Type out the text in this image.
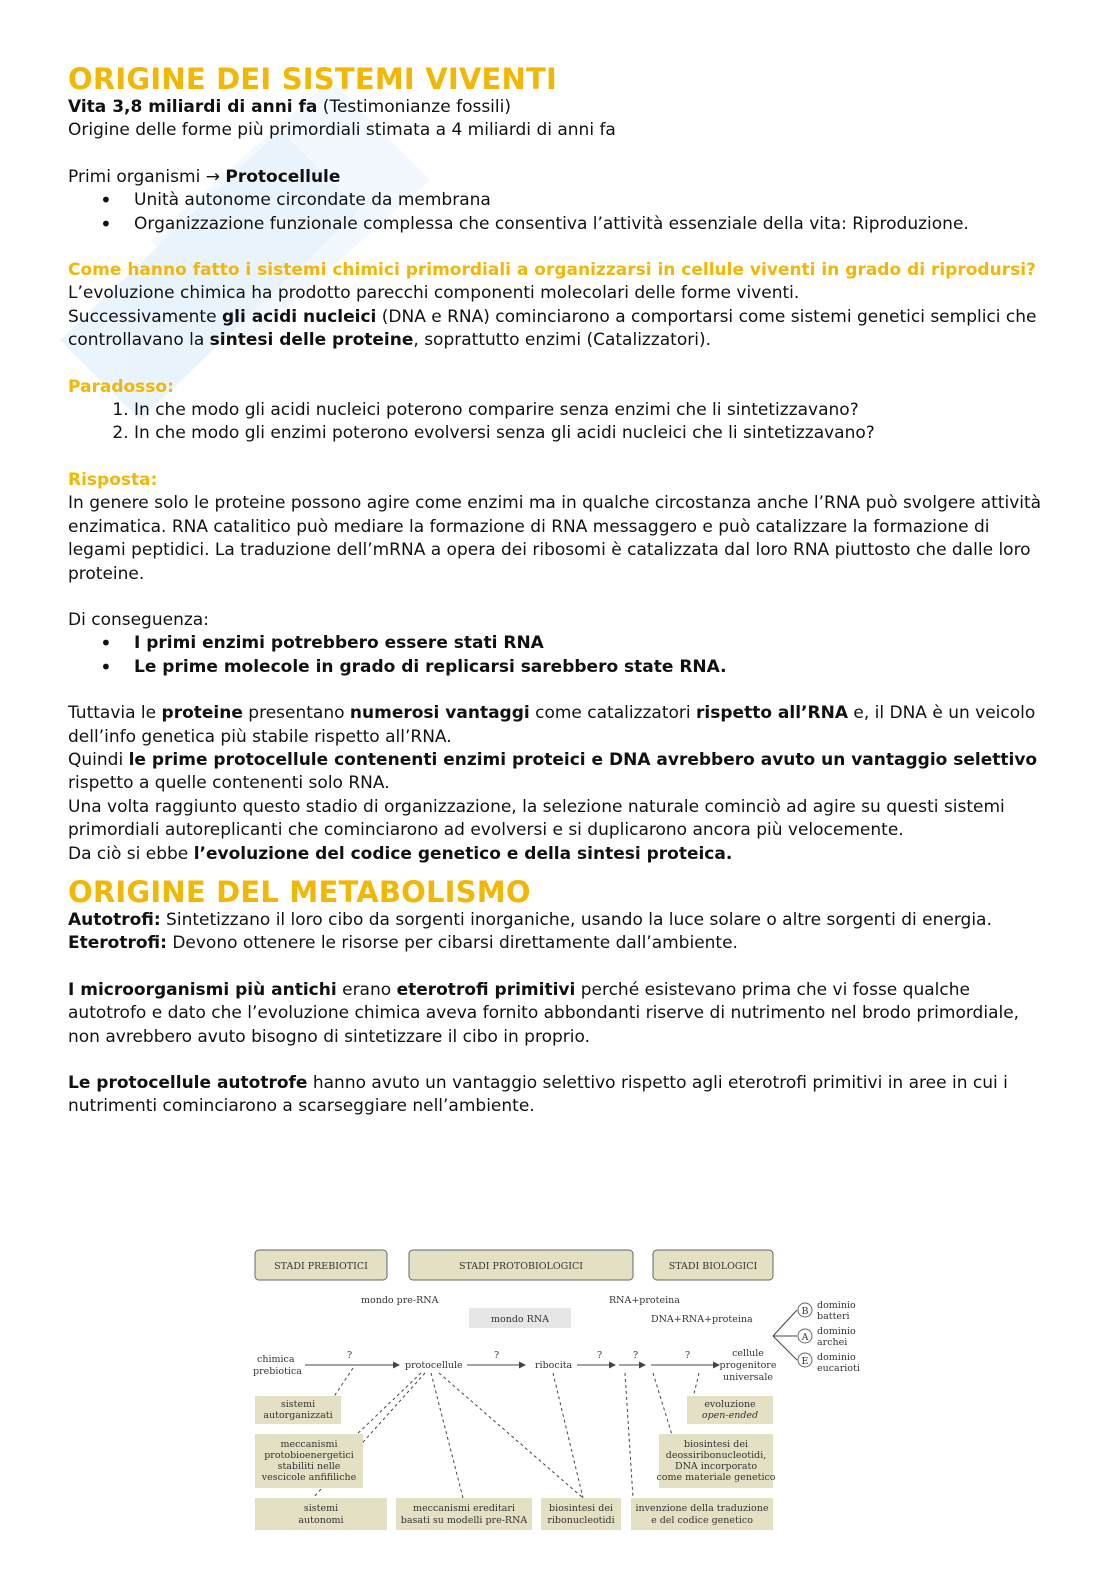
ORIGINE DEI SISTEMI VIVENTI

Vita 3,8 miliardi di anni fa (Testimonianze fossili)

Origine delle forme più primordiali stimata a 4 miliardi di anni fa

Primi organismi → Protocellule

• Unità autonome circondate da membrana
• Organizzazione funzionale complessa che consentiva l’attività essenziale della vita: Riproduzione.

Come hanno fatto i sistemi chimici primordiali a organizzarsi in cellule viventi in grado di riprodursi?

L’evoluzione chimica ha prodotto parecchi componenti molecolari delle forme viventi.

Successivamente gli acidi nucleici (DNA e RNA) cominciarono a comportarsi come sistemi genetici semplici che controllavano la sintesi delle proteine, soprattutto enzimi (Catalizzatori).

Paradosso:

1. In che modo gli acidi nucleici poterono comparire senza enzimi che li sintetizzavano?
2. In che modo gli enzimi poterono evolversi senza gli acidi nucleici che li sintetizzavano?

Risposta:

In genere solo le proteine possono agire come enzimi ma in qualche circostanza anche l’RNA può svolgere attività enzimatica. RNA catalitico può mediare la formazione di RNA messaggero e può catalizzare la formazione di legami peptidici. La traduzione dell’mRNA a opera dei ribosomi è catalizzata dal loro RNA piuttosto che dalle loro proteine.

Di conseguenza:

• I primi enzimi potrebbero essere stati RNA
• Le prime molecole in grado di replicarsi sarebbero state RNA.

Tuttavia le proteine presentano numerosi vantaggi come catalizzatori rispetto all’RNA e, il DNA è un veicolo dell’info genetica più stabile rispetto all’RNA.

Quindi le prime protocellule contenenti enzimi proteici e DNA avrebbero avuto un vantaggio selettivo rispetto a quelle contenenti solo RNA.

Una volta raggiunto questo stadio di organizzazione, la selezione naturale cominciò ad agire su questi sistemi primordiali autoreplicanti che cominciarono ad evolversi e si duplicarono ancora più velocemente.

Da ciò si ebbe l’evoluzione del codice genetico e della sintesi proteica.

ORIGINE DEL METABOLISMO

Autotrofi: Sintetizzano il loro cibo da sorgenti inorganiche, usando la luce solare o altre sorgenti di energia.

Eterotrofi: Devono ottenere le risorse per cibarsi direttamente dall’ambiente.

I microorganismi più antichi erano eterotrofi primitivi perché esistevano prima che vi fosse qualche autotrofo e dato che l’evoluzione chimica aveva fornito abbondanti riserve di nutrimento nel brodo primordiale, non avrebbero avuto bisogno di sintetizzare il cibo in proprio.

Le protocellule autotrofe hanno avuto un vantaggio selettivo rispetto agli eterotrofi primitivi in aree in cui i nutrimenti cominciarono a scarseggiare nell’ambiente.

STADI PREBIOTICI	STADI PROTOBIOLOGICI	STADI BIOLOGICI
mondo pre-RNA
mondo RNA
RNA+proteina
DNA+RNA+proteina
chimica
prebiotica
?
protocellule
?
ribocita
?	?	?	cellule
progenitore
universale
B
A
E
dominio
batteri
dominio
archei
dominio
eucarioti
sistemi
autorganizzati
meccanismi
protobioenergetici
stabiliti nelle
vescicole anfifiliche
sistemi
autonomi
meccanismi ereditari
basati su modelli pre-RNA
biosintesi dei
ribonucleotidi
invenzione della traduzione
e del codice genetico
biosintesi dei
deossiribonucleotidi,
DNA incorporato
come materiale genetico
evoluzione
open-ended
